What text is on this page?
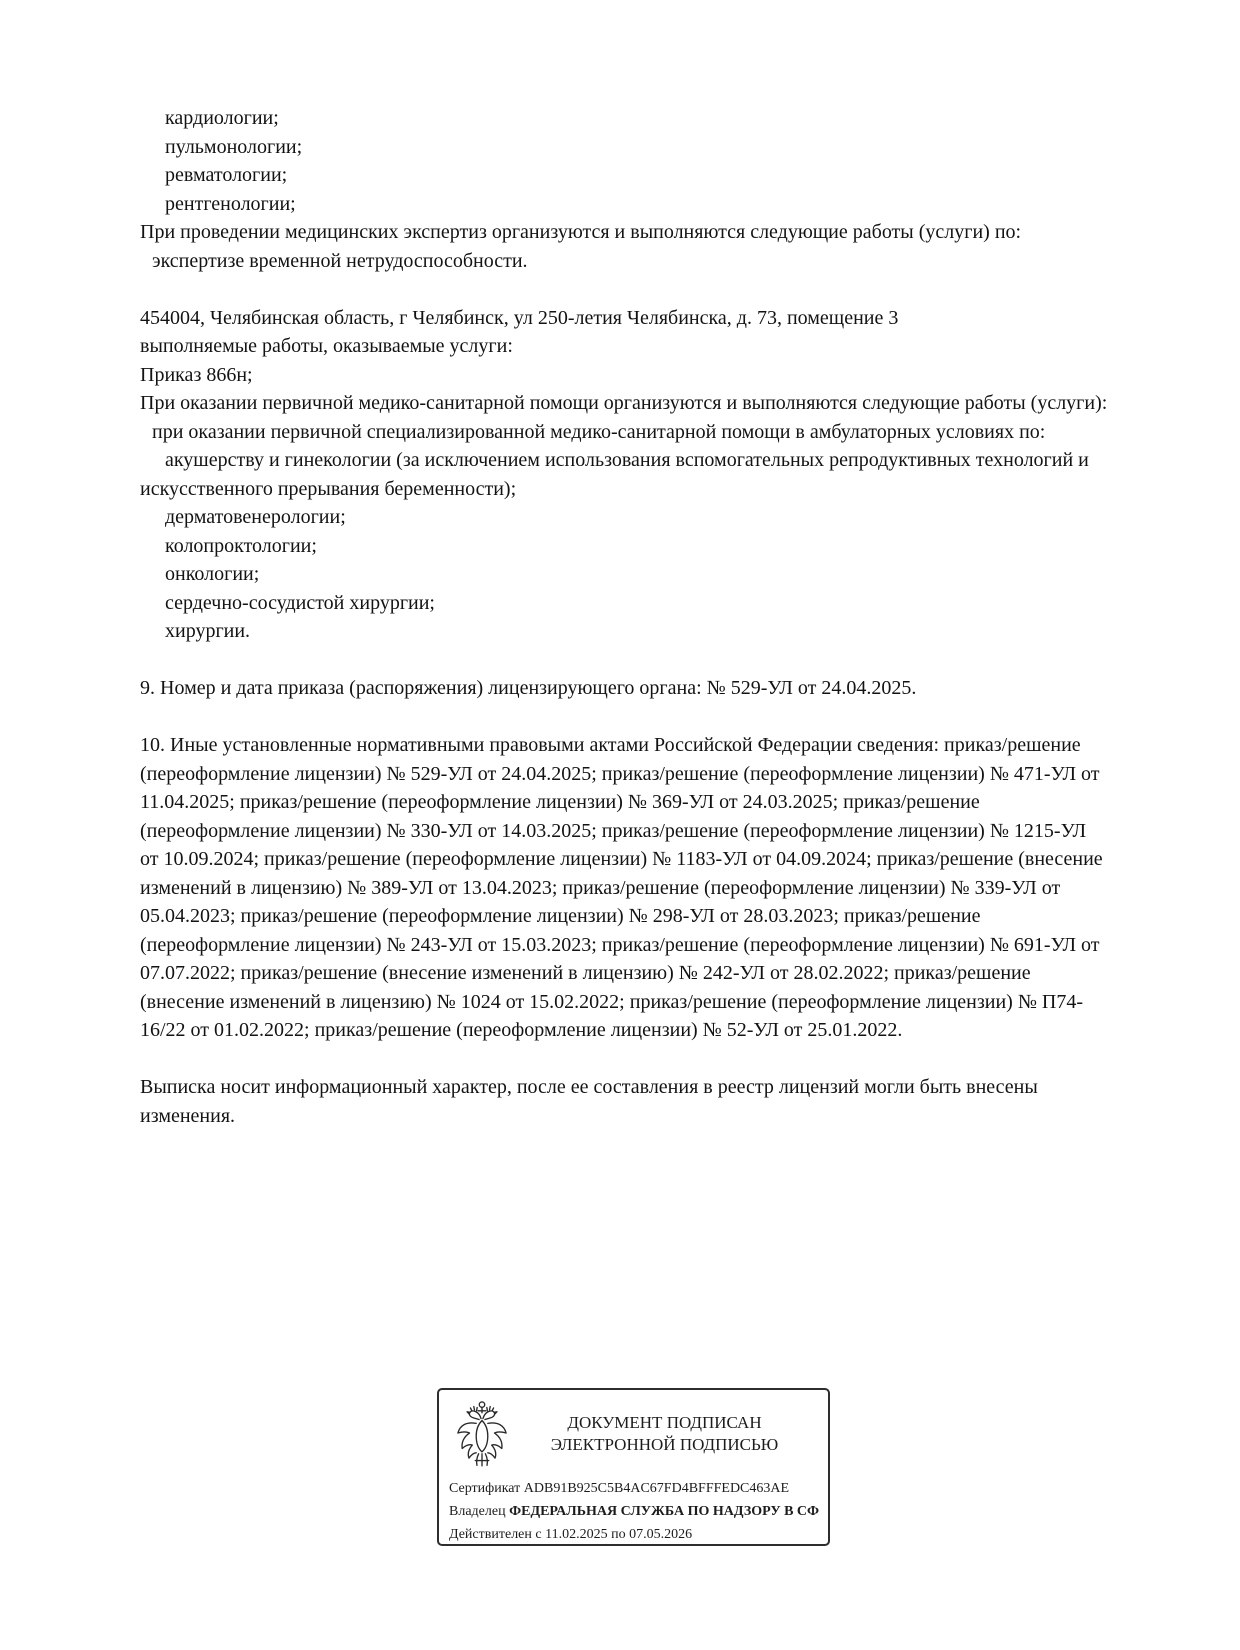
кардиологии;
пульмонологии;
ревматологии;
рентгенологии;
При проведении медицинских экспертиз организуются и выполняются следующие работы (услуги) по:
экспертизе временной нетрудоспособности.
454004, Челябинская область, г Челябинск, ул 250-летия Челябинска, д. 73, помещение 3
выполняемые работы, оказываемые услуги:
Приказ 866н;
При оказании первичной медико-санитарной помощи организуются и выполняются следующие работы (услуги):
при оказании первичной специализированной медико-санитарной помощи в амбулаторных условиях по:
акушерству и гинекологии (за исключением использования вспомогательных репродуктивных технологий и искусственного прерывания беременности);
дерматовенерологии;
колопроктологии;
онкологии;
сердечно-сосудистой хирургии;
хирургии.
9. Номер и дата приказа (распоряжения) лицензирующего органа: № 529-УЛ от 24.04.2025.
10. Иные установленные нормативными правовыми актами Российской Федерации сведения: приказ/решение (переоформление лицензии) № 529-УЛ от 24.04.2025; приказ/решение (переоформление лицензии) № 471-УЛ от 11.04.2025; приказ/решение (переоформление лицензии) № 369-УЛ от 24.03.2025; приказ/решение (переоформление лицензии) № 330-УЛ от 14.03.2025; приказ/решение (переоформление лицензии) № 1215-УЛ от 10.09.2024; приказ/решение (переоформление лицензии) № 1183-УЛ от 04.09.2024; приказ/решение (внесение изменений в лицензию) № 389-УЛ от 13.04.2023; приказ/решение (переоформление лицензии) № 339-УЛ от 05.04.2023; приказ/решение (переоформление лицензии) № 298-УЛ от 28.03.2023; приказ/решение (переоформление лицензии) № 243-УЛ от 15.03.2023; приказ/решение (переоформление лицензии) № 691-УЛ от 07.07.2022; приказ/решение (внесение изменений в лицензию) № 242-УЛ от 28.02.2022; приказ/решение (внесение изменений в лицензию) № 1024 от 15.02.2022; приказ/решение (переоформление лицензии) № П74-16/22 от 01.02.2022; приказ/решение (переоформление лицензии) № 52-УЛ от 25.01.2022.
Выписка носит информационный характер, после ее составления в реестр лицензий могли быть внесены изменения.
ДОКУМЕНТ ПОДПИСАН
ЭЛЕКТРОННОЙ ПОДПИСЬЮ
Сертификат ADB91B925C5B4AC67FD4BFFFEDC463AE
Владелец ФЕДЕРАЛЬНАЯ СЛУЖБА ПО НАДЗОРУ В СФ
Действителен с 11.02.2025 по 07.05.2026
